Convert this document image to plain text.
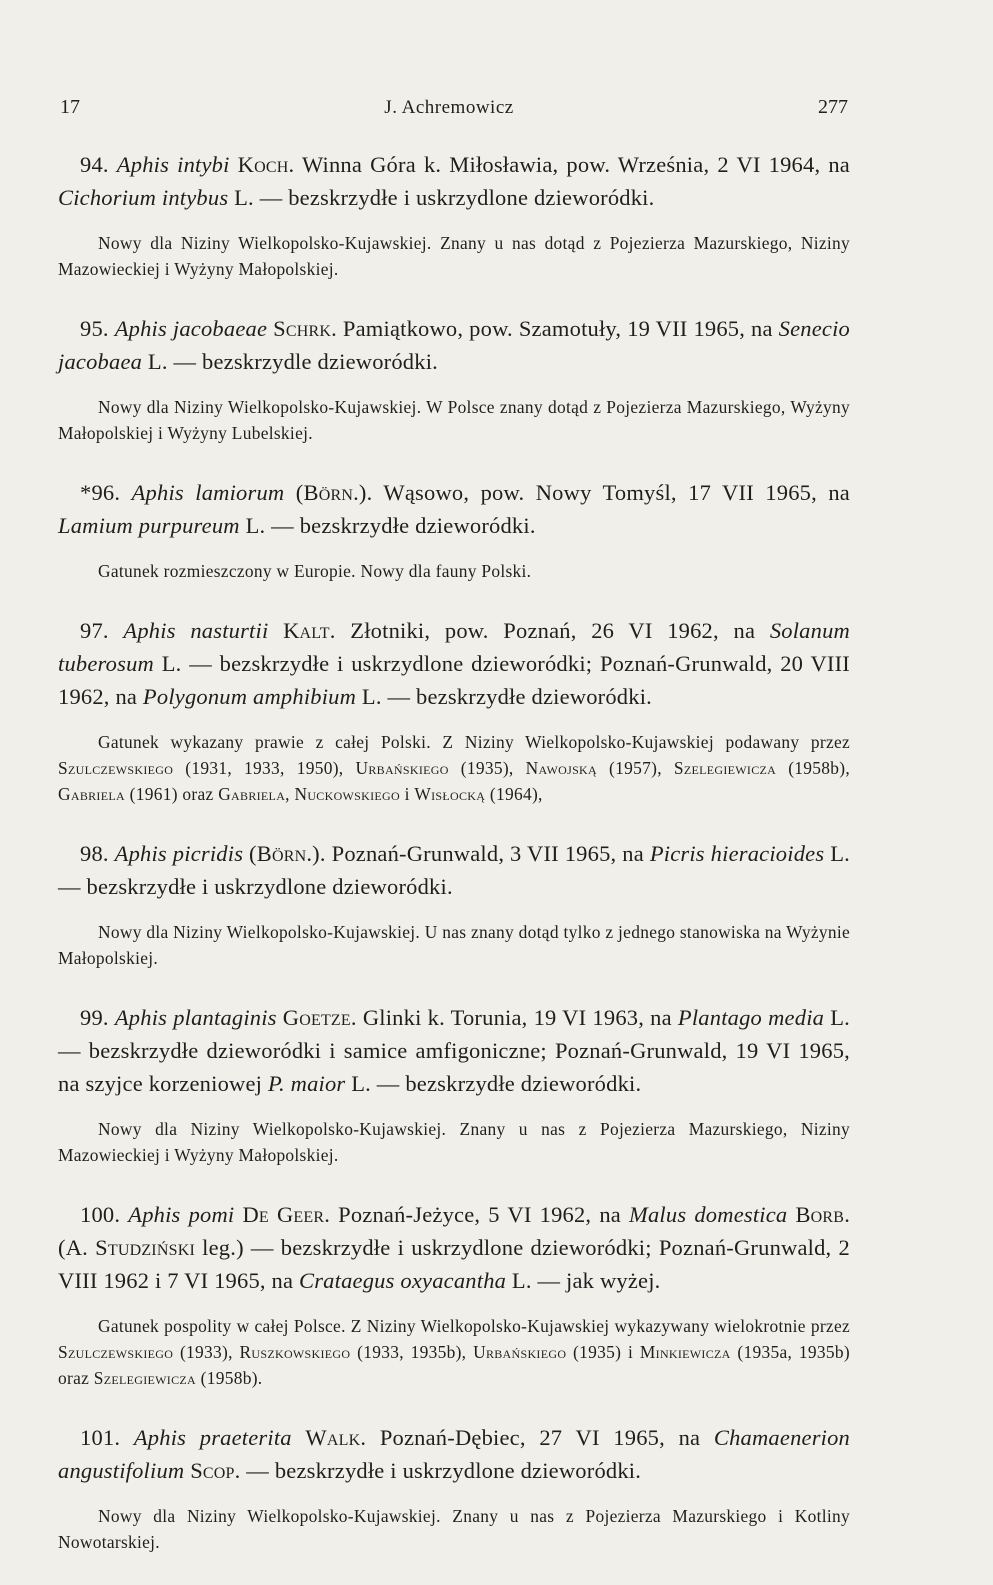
17	J. Achremowicz	277

94. Aphis intybi Koch. Winna Góra k. Miłosławia, pow. Września, 2 VI 1964, na Cichorium intybus L. — bezskrzydłe i uskrzydlone dzieworódki.

Nowy dla Niziny Wielkopolsko-Kujawskiej. Znany u nas dotąd z Pojezierza Mazurskiego, Niziny Mazowieckiej i Wyżyny Małopolskiej.

95. Aphis jacobaeae Schrk. Pamiątkowo, pow. Szamotuły, 19 VII 1965, na Senecio jacobaea L. — bezskrzydle dzieworódki.

Nowy dla Niziny Wielkopolsko-Kujawskiej. W Polsce znany dotąd z Pojezierza Mazurskiego, Wyżyny Małopolskiej i Wyżyny Lubelskiej.

*96. Aphis lamiorum (Börn.). Wąsowo, pow. Nowy Tomyśl, 17 VII 1965, na Lamium purpureum L. — bezskrzydłe dzieworódki.

Gatunek rozmieszczony w Europie. Nowy dla fauny Polski.

97. Aphis nasturtii Kalt. Złotniki, pow. Poznań, 26 VI 1962, na Solanum tuberosum L. — bezskrzydłe i uskrzydlone dzieworódki; Poznań-Grunwald, 20 VIII 1962, na Polygonum amphibium L. — bezskrzydłe dzieworódki.

Gatunek wykazany prawie z całej Polski. Z Niziny Wielkopolsko-Kujawskiej podawany przez Szulczewskiego (1931, 1933, 1950), Urbańskiego (1935), Nawojską (1957), Szelegiewicza (1958b), Gabriela (1961) oraz Gabriela, Nuckowskiego i Wisłocką (1964),

98. Aphis picridis (Börn.). Poznań-Grunwald, 3 VII 1965, na Picris hieracioides L. — bezskrzydłe i uskrzydlone dzieworódki.

Nowy dla Niziny Wielkopolsko-Kujawskiej. U nas znany dotąd tylko z jednego stanowiska na Wyżynie Małopolskiej.

99. Aphis plantaginis Goetze. Glinki k. Torunia, 19 VI 1963, na Plantago media L. — bezskrzydłe dzieworódki i samice amfigoniczne; Poznań-Grunwald, 19 VI 1965, na szyjce korzeniowej P. maior L. — bezskrzydłe dzieworódki.

Nowy dla Niziny Wielkopolsko-Kujawskiej. Znany u nas z Pojezierza Mazurskiego, Niziny Mazowieckiej i Wyżyny Małopolskiej.

100. Aphis pomi De Geer. Poznań-Jeżyce, 5 VI 1962, na Malus domestica Borb. (A. Studziński leg.) — bezskrzydłe i uskrzydlone dzieworódki; Poznań-Grunwald, 2 VIII 1962 i 7 VI 1965, na Crataegus oxyacantha L. — jak wyżej.

Gatunek pospolity w całej Polsce. Z Niziny Wielkopolsko-Kujawskiej wykazywany wielokrotnie przez Szulczewskiego (1933), Ruszkowskiego (1933, 1935b), Urbańskiego (1935) i Minkiewicza (1935a, 1935b) oraz Szelegiewicza (1958b).

101. Aphis praeterita Walk. Poznań-Dębiec, 27 VI 1965, na Chamaenerion angustifolium Scop. — bezskrzydłe i uskrzydlone dzieworódki.

Nowy dla Niziny Wielkopolsko-Kujawskiej. Znany u nas z Pojezierza Mazurskiego i Kotliny Nowotarskiej.
